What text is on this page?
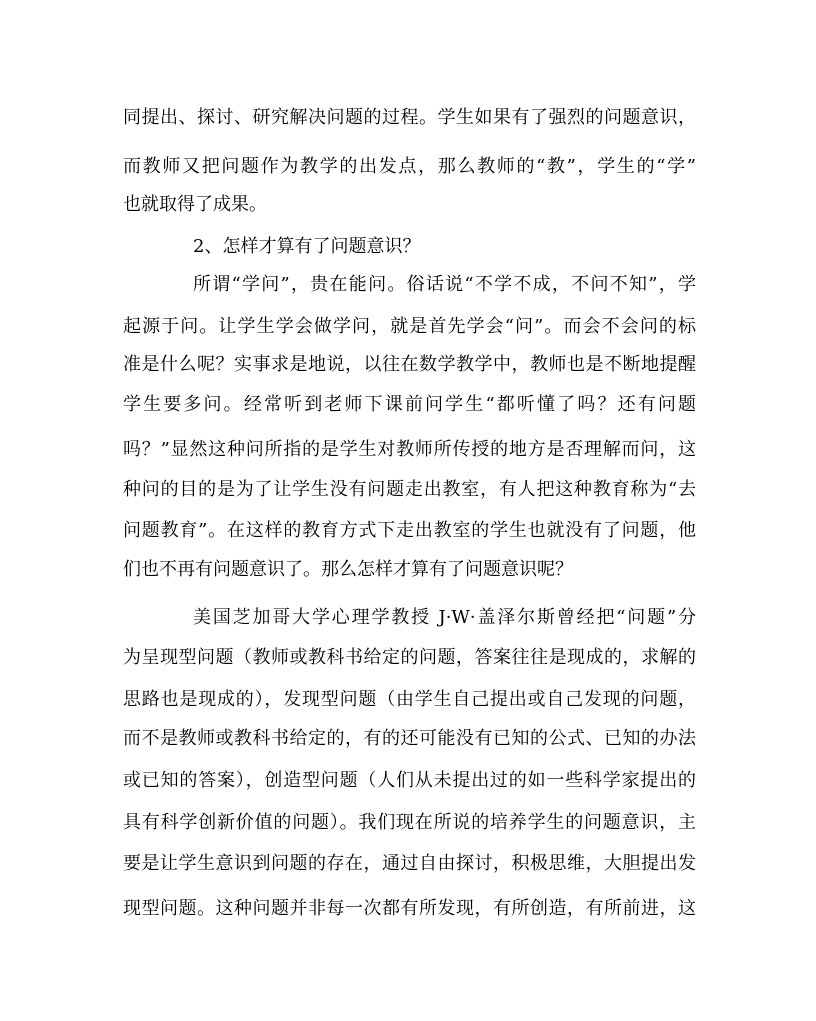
同提出、探讨、研究解决问题的过程。学生如果有了强烈的问题意识，
而教师又把问题作为教学的出发点，那么教师的“教”，学生的“学”
也就取得了成果。
2、怎样才算有了问题意识？
所谓“学问”，贵在能问。俗话说“不学不成，不问不知”，学
起源于问。让学生学会做学问，就是首先学会“问”。而会不会问的标
准是什么呢？实事求是地说，以往在数学教学中，教师也是不断地提醒
学生要多问。经常听到老师下课前问学生“都听懂了吗？还有问题
吗？”显然这种问所指的是学生对教师所传授的地方是否理解而问，这
种问的目的是为了让学生没有问题走出教室，有人把这种教育称为“去
问题教育”。在这样的教育方式下走出教室的学生也就没有了问题，他
们也不再有问题意识了。那么怎样才算有了问题意识呢？
美国芝加哥大学心理学教授 J·W·盖泽尔斯曾经把“问题”分
为呈现型问题（教师或教科书给定的问题，答案往往是现成的，求解的
思路也是现成的），发现型问题（由学生自己提出或自己发现的问题，
而不是教师或教科书给定的，有的还可能没有已知的公式、已知的办法
或已知的答案），创造型问题（人们从未提出过的如一些科学家提出的
具有科学创新价值的问题）。我们现在所说的培养学生的问题意识，主
要是让学生意识到问题的存在，通过自由探讨，积极思维，大胆提出发
现型问题。这种问题并非每一次都有所发现，有所创造，有所前进，这
